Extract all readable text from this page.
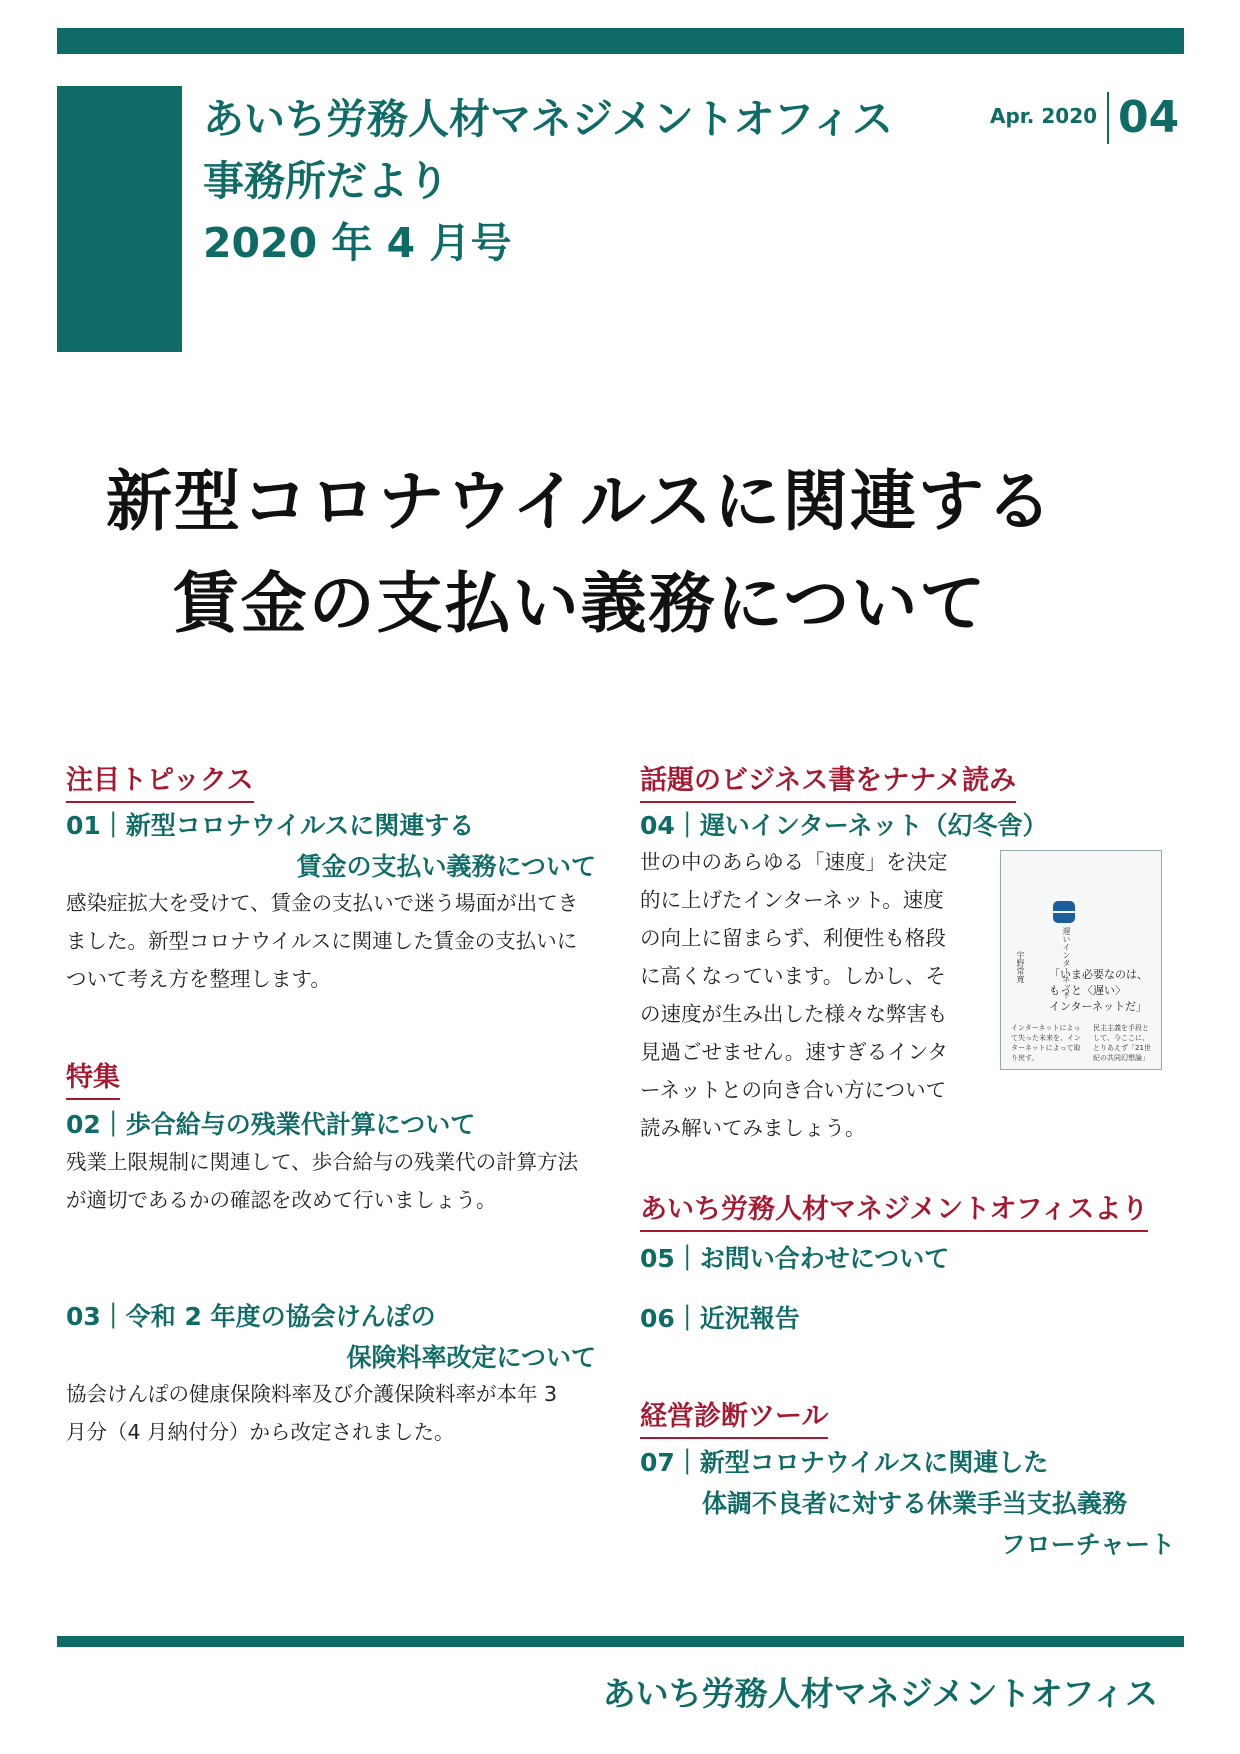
あいち労務人材マネジメントオフィス
事務所だより
2020 年 4 月号
Apr. 2020 04
新型コロナウイルスに関連する
賃金の支払い義務について
注目トピックス
01｜新型コロナウイルスに関連する
賃金の支払い義務について
感染症拡大を受けて、賃金の支払いで迷う場面が出てき
ました。新型コロナウイルスに関連した賃金の支払いに
ついて考え方を整理します。
特集
02｜歩合給与の残業代計算について
残業上限規制に関連して、歩合給与の残業代の計算方法
が適切であるかの確認を改めて行いましょう。
03｜令和 2 年度の協会けんぽの
保険料率改定について
協会けんぽの健康保険料率及び介護保険料率が本年 3
月分（4 月納付分）から改定されました。
話題のビジネス書をナナメ読み
04｜遅いインターネット（幻冬舎）
世の中のあらゆる「速度」を決定
的に上げたインターネット。速度
の向上に留まらず、利便性も格段
に高くなっています。しかし、そ
の速度が生み出した様々な弊害も
見過ごせません。速すぎるインタ
ーネットとの向き合い方について
読み解いてみましょう。
遅いインターネット
宇野常寛 「いま必要なのは、
もっと〈遅い〉
インターネットだ」
インターネットによって失った未来を、インターネットによって取り戻す。
民主主義を手段として、今ここに、とりあえず「21世紀の共同幻想論」
あいち労務人材マネジメントオフィスより
05｜お問い合わせについて
06｜近況報告
経営診断ツール
07｜新型コロナウイルスに関連した
体調不良者に対する休業手当支払義務
フローチャート
あいち労務人材マネジメントオフィス
